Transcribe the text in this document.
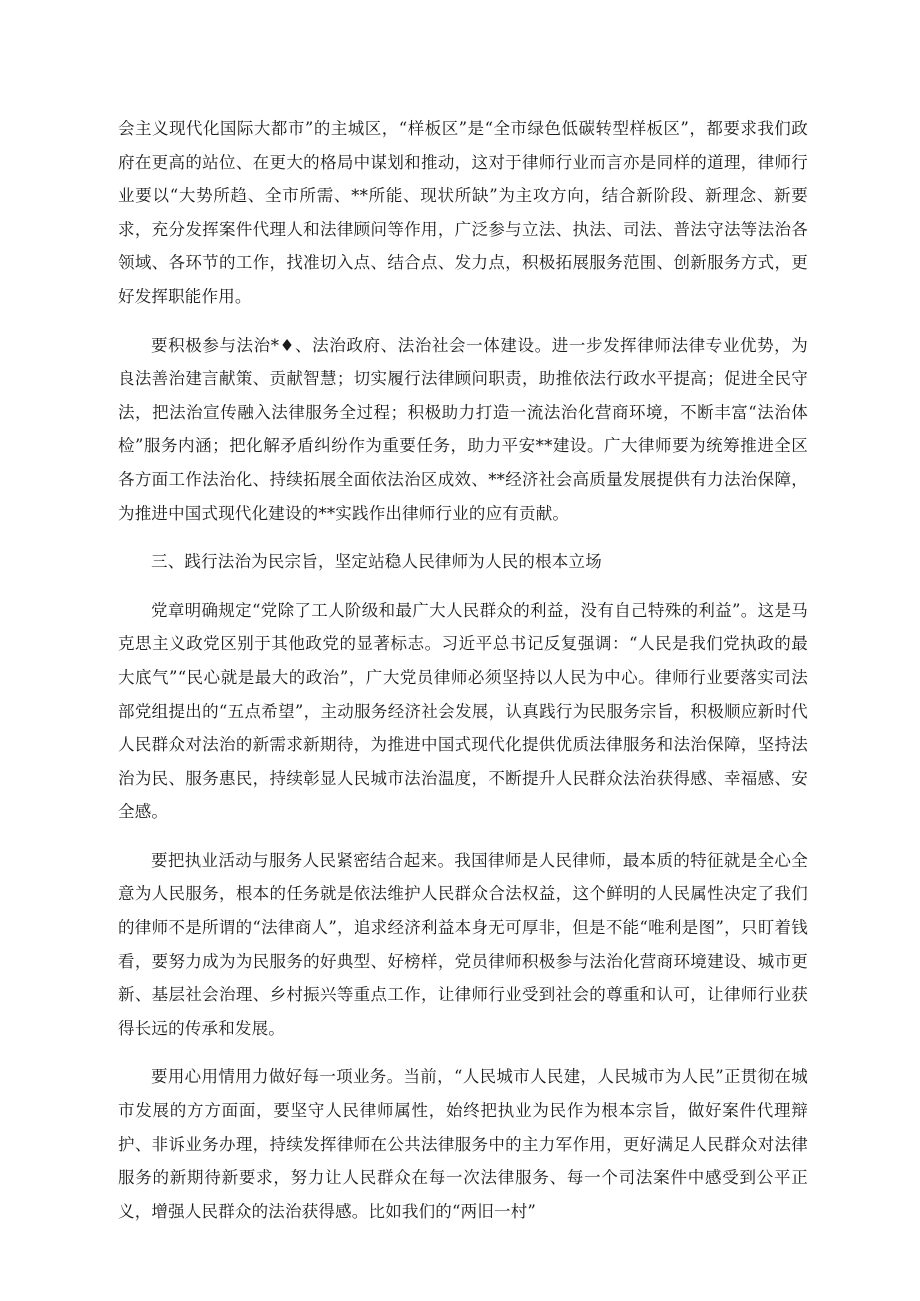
会主义现代化国际大都市”的主城区，“样板区”是“全市绿色低碳转型样板区”，都要求我们政府在更高的站位、在更大的格局中谋划和推动，这对于律师行业而言亦是同样的道理，律师行业要以“大势所趋、全市所需、**所能、现状所缺”为主攻方向，结合新阶段、新理念、新要求，充分发挥案件代理人和法律顾问等作用，广泛参与立法、执法、司法、普法守法等法治各领域、各环节的工作，找准切入点、结合点、发力点，积极拓展服务范围、创新服务方式，更好发挥职能作用。

要积极参与法治*♦、法治政府、法治社会一体建设。进一步发挥律师法律专业优势，为良法善治建言献策、贡献智慧；切实履行法律顾问职责，助推依法行政水平提高；促进全民守法，把法治宣传融入法律服务全过程；积极助力打造一流法治化营商环境，不断丰富“法治体检”服务内涵；把化解矛盾纠纷作为重要任务，助力平安**建设。广大律师要为统筹推进全区各方面工作法治化、持续拓展全面依法治区成效、**经济社会高质量发展提供有力法治保障，为推进中国式现代化建设的**实践作出律师行业的应有贡献。

三、践行法治为民宗旨，坚定站稳人民律师为人民的根本立场

党章明确规定“党除了工人阶级和最广大人民群众的利益，没有自己特殊的利益”。这是马克思主义政党区别于其他政党的显著标志。习近平总书记反复强调：“人民是我们党执政的最大底气”“民心就是最大的政治”，广大党员律师必须坚持以人民为中心。律师行业要落实司法部党组提出的“五点希望”，主动服务经济社会发展，认真践行为民服务宗旨，积极顺应新时代人民群众对法治的新需求新期待，为推进中国式现代化提供优质法律服务和法治保障，坚持法治为民、服务惠民，持续彰显人民城市法治温度，不断提升人民群众法治获得感、幸福感、安全感。

要把执业活动与服务人民紧密结合起来。我国律师是人民律师，最本质的特征就是全心全意为人民服务，根本的任务就是依法维护人民群众合法权益，这个鲜明的人民属性决定了我们的律师不是所谓的“法律商人”，追求经济利益本身无可厚非，但是不能“唯利是图”，只盯着钱看，要努力成为为民服务的好典型、好榜样，党员律师积极参与法治化营商环境建设、城市更新、基层社会治理、乡村振兴等重点工作，让律师行业受到社会的尊重和认可，让律师行业获得长远的传承和发展。

要用心用情用力做好每一项业务。当前，“人民城市人民建，人民城市为人民”正贯彻在城市发展的方方面面，要坚守人民律师属性，始终把执业为民作为根本宗旨，做好案件代理辩护、非诉业务办理，持续发挥律师在公共法律服务中的主力军作用，更好满足人民群众对法律服务的新期待新要求，努力让人民群众在每一次法律服务、每一个司法案件中感受到公平正义，增强人民群众的法治获得感。比如我们的“两旧一村”
